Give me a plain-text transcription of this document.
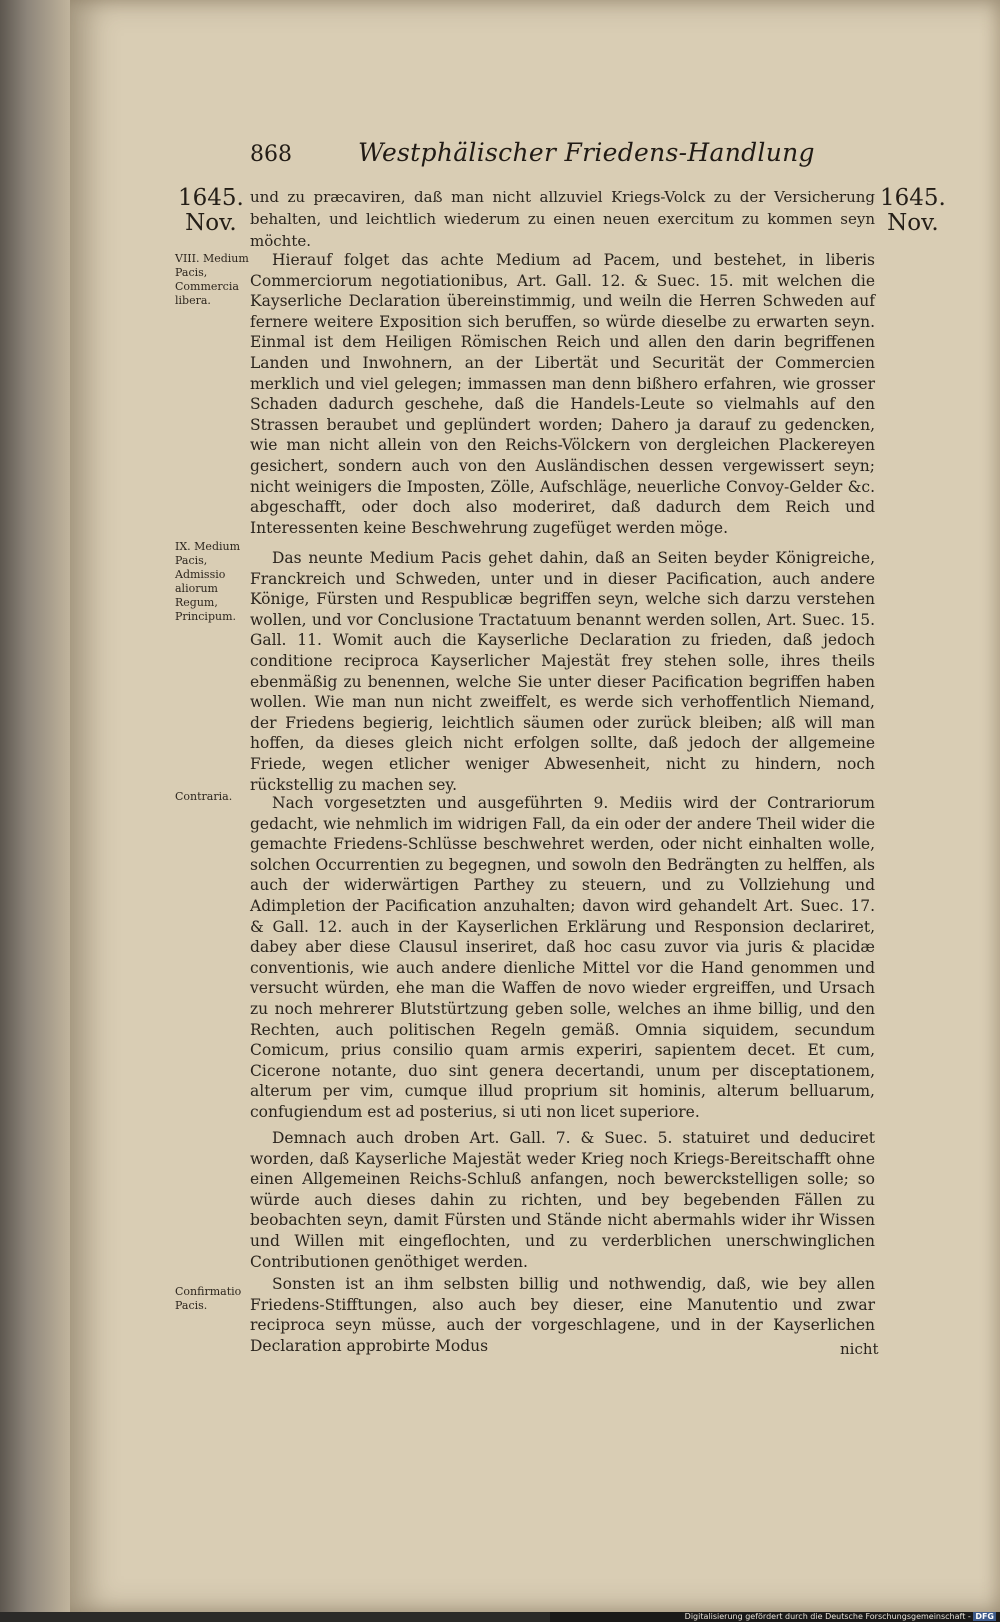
868	Westphälischer Friedens-Handlung
1645.
Nov.
1645.
Nov.
VIII. Medium Pacis, Commercia libera.
IX. Medium Pacis, Admissio aliorum Regum, Principum.
Contraria.
Confirmatio Pacis.

und zu præcaviren, daß man nicht allzuviel Kriegs-Volck zu der Versicherung behalten, und leichtlich wiederum zu einen neuen exercitum zu kommen seyn möchte.

Hierauf folget das achte Medium ad Pacem, und bestehet, in liberis Commerciorum negotiationibus, Art. Gall. 12. & Suec. 15. mit welchen die Kayserliche Declaration übereinstimmig, und weiln die Herren Schweden auf fernere weitere Exposition sich beruffen, so würde dieselbe zu erwarten seyn. Einmal ist dem Heiligen Römischen Reich und allen den darin begriffenen Landen und Inwohnern, an der Libertät und Securität der Commercien merklich und viel gelegen; immassen man denn bißhero erfahren, wie grosser Schaden dadurch geschehe, daß die Handels-Leute so vielmahls auf den Strassen beraubet und geplündert worden; Dahero ja darauf zu gedencken, wie man nicht allein von den Reichs-Völckern von dergleichen Plackereyen gesichert, sondern auch von den Ausländischen dessen vergewissert seyn; nicht weinigers die Imposten, Zölle, Aufschläge, neuerliche Convoy-Gelder &c. abgeschafft, oder doch also moderiret, daß dadurch dem Reich und Interessenten keine Beschwehrung zugefüget werden möge.

Das neunte Medium Pacis gehet dahin, daß an Seiten beyder Königreiche, Franckreich und Schweden, unter und in dieser Pacification, auch andere Könige, Fürsten und Respublicæ begriffen seyn, welche sich darzu verstehen wollen, und vor Conclusione Tractatuum benannt werden sollen, Art. Suec. 15. Gall. 11. Womit auch die Kayserliche Declaration zu frieden, daß jedoch conditione reciproca Kayserlicher Majestät frey stehen solle, ihres theils ebenmäßig zu benennen, welche Sie unter dieser Pacification begriffen haben wollen. Wie man nun nicht zweiffelt, es werde sich verhoffentlich Niemand, der Friedens begierig, leichtlich säumen oder zurück bleiben; alß will man hoffen, da dieses gleich nicht erfolgen sollte, daß jedoch der allgemeine Friede, wegen etlicher weniger Abwesenheit, nicht zu hindern, noch rückstellig zu machen sey.

Nach vorgesetzten und ausgeführten 9. Mediis wird der Contrariorum gedacht, wie nehmlich im widrigen Fall, da ein oder der andere Theil wider die gemachte Friedens-Schlüsse beschwehret werden, oder nicht einhalten wolle, solchen Occurrentien zu begegnen, und sowoln den Bedrängten zu helffen, als auch der widerwärtigen Parthey zu steuern, und zu Vollziehung und Adimpletion der Pacification anzuhalten; davon wird gehandelt Art. Suec. 17. & Gall. 12. auch in der Kayserlichen Erklärung und Responsion declariret, dabey aber diese Clausul inseriret, daß hoc casu zuvor via juris & placidæ conventionis, wie auch andere dienliche Mittel vor die Hand genommen und versucht würden, ehe man die Waffen de novo wieder ergreiffen, und Ursach zu noch mehrerer Blutstürtzung geben solle, welches an ihme billig, und den Rechten, auch politischen Regeln gemäß. Omnia siquidem, secundum Comicum, prius consilio quam armis experiri, sapientem decet. Et cum, Cicerone notante, duo sint genera decertandi, unum per disceptationem, alterum per vim, cumque illud proprium sit hominis, alterum belluarum, confugiendum est ad posterius, si uti non licet superiore.

Demnach auch droben Art. Gall. 7. & Suec. 5. statuiret und deduciret worden, daß Kayserliche Majestät weder Krieg noch Kriegs-Bereitschafft ohne einen Allgemeinen Reichs-Schluß anfangen, noch bewerckstelligen solle; so würde auch dieses dahin zu richten, und bey begebenden Fällen zu beobachten seyn, damit Fürsten und Stände nicht abermahls wider ihr Wissen und Willen mit eingeflochten, und zu verderblichen unerschwinglichen Contributionen genöthiget werden.

Sonsten ist an ihm selbsten billig und nothwendig, daß, wie bey allen Friedens-Stifftungen, also auch bey dieser, eine Manutentio und zwar reciproca seyn müsse, auch der vorgeschlagene, und in der Kayserlichen Declaration approbirte Modus	nicht
Digitalisierung gefördert durch die Deutsche Forschungsgemeinschaft - DFG
